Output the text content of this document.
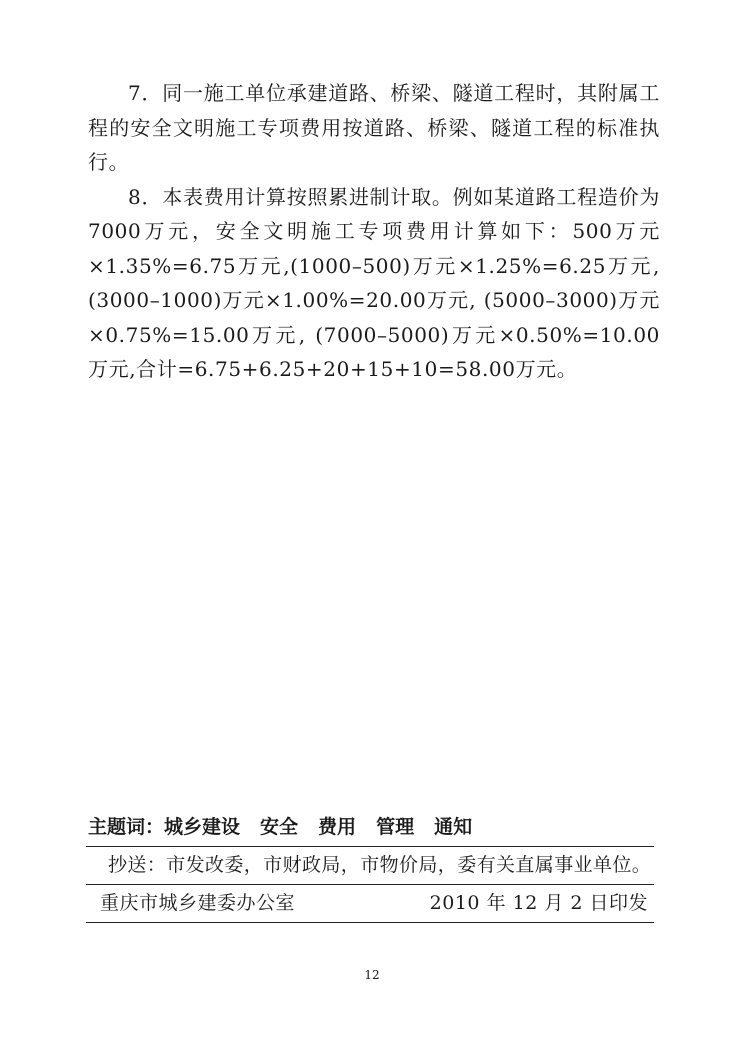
7．同一施工单位承建道路、桥梁、隧道工程时，其附属工程的安全文明施工专项费用按道路、桥梁、隧道工程的标准执行。

8．本表费用计算按照累进制计取。例如某道路工程造价为7000万元，安全文明施工专项费用计算如下：500万元×1.35%=6.75万元,(1000–500)万元×1.25%=6.25万元, (3000–1000)万元×1.00%=20.00万元, (5000–3000)万元×0.75%=15.00万元, (7000–5000)万元×0.50%=10.00万元,合计=6.75+6.25+20+15+10=58.00万元。

主题词：城乡建设 安全 费用 管理 通知
抄送：市发改委，市财政局，市物价局，委有关直属事业单位。
重庆市城乡建委办公室	2010 年 12 月 2 日印发
12
